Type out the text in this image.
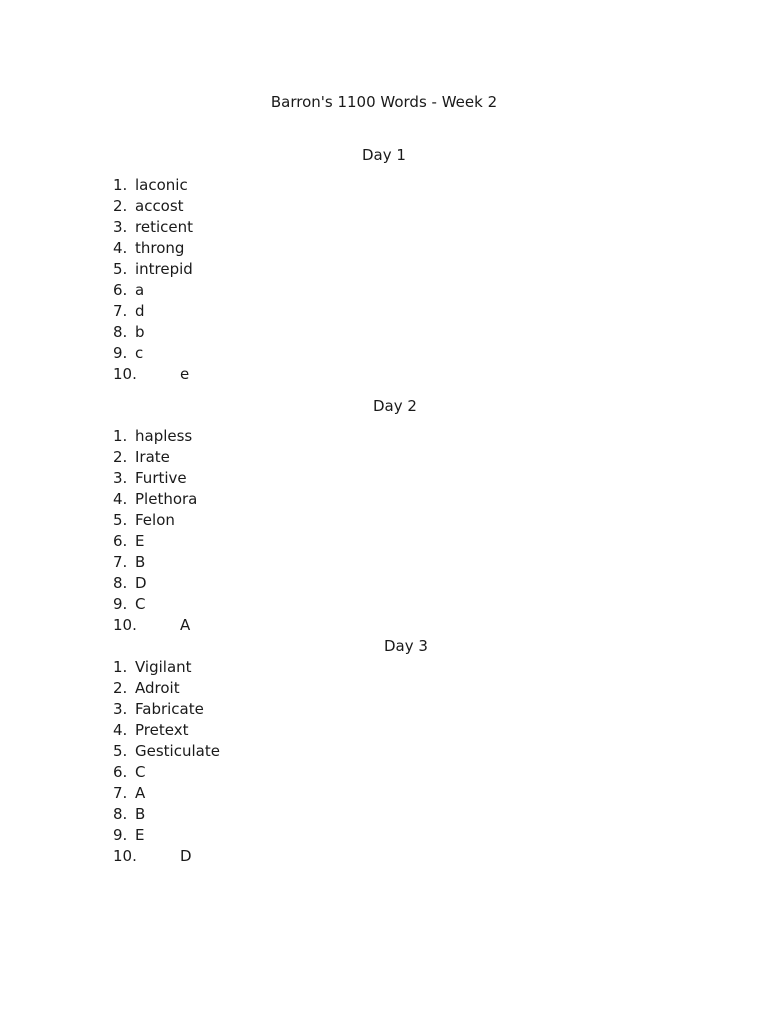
Barron's 1100 Words - Week 2
Day 1
1. laconic
2. accost
3. reticent
4. throng
5. intrepid
6. a
7. d
8. b
9. c
10.	e
Day 2
1. hapless
2. Irate
3. Furtive
4. Plethora
5. Felon
6. E
7. B
8. D
9. C
10.	A
Day 3
1. Vigilant
2. Adroit
3. Fabricate
4. Pretext
5. Gesticulate
6. C
7. A
8. B
9. E
10.	D
